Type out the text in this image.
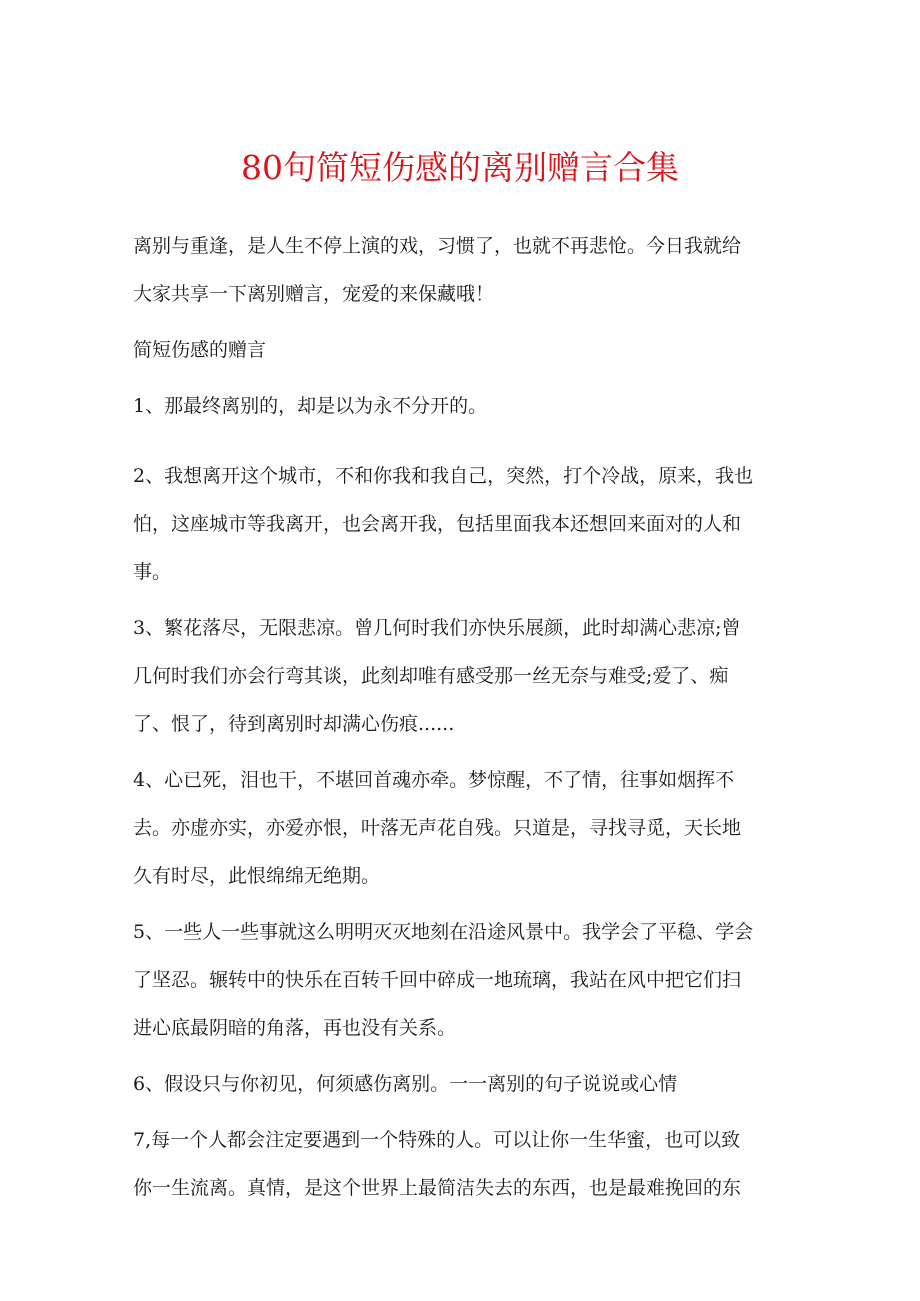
80句简短伤感的离别赠言合集

离别与重逢，是人生不停上演的戏，习惯了，也就不再悲怆。今日我就给

大家共享一下离别赠言，宠爱的来保藏哦！

简短伤感的赠言

1、那最终离别的，却是以为永不分开的。

2、我想离开这个城市，不和你我和我自己，突然，打个冷战，原来，我也

怕，这座城市等我离开，也会离开我，包括里面我本还想回来面对的人和

事。

3、繁花落尽，无限悲凉。曾几何时我们亦快乐展颜，此时却满心悲凉;曾

几何时我们亦会行弯其谈，此刻却唯有感受那一丝无奈与难受;爱了、痴

了、恨了，待到离别时却满心伤痕......

4、心已死，泪也干，不堪回首魂亦牵。梦惊醒，不了情，往事如烟挥不

去。亦虚亦实，亦爱亦恨，叶落无声花自残。只道是，寻找寻觅，天长地

久有时尽，此恨绵绵无绝期。

5、一些人一些事就这么明明灭灭地刻在沿途风景中。我学会了平稳、学会

了坚忍。辗转中的快乐在百转千回中碎成一地琉璃，我站在风中把它们扫

进心底最阴暗的角落，再也没有关系。

6、假设只与你初见，何须感伤离别。一一离别的句子说说或心情

7,每一个人都会注定要遇到一个特殊的人。可以让你一生华蜜，也可以致

你一生流离。真情，是这个世界上最简洁失去的东西，也是最难挽回的东
